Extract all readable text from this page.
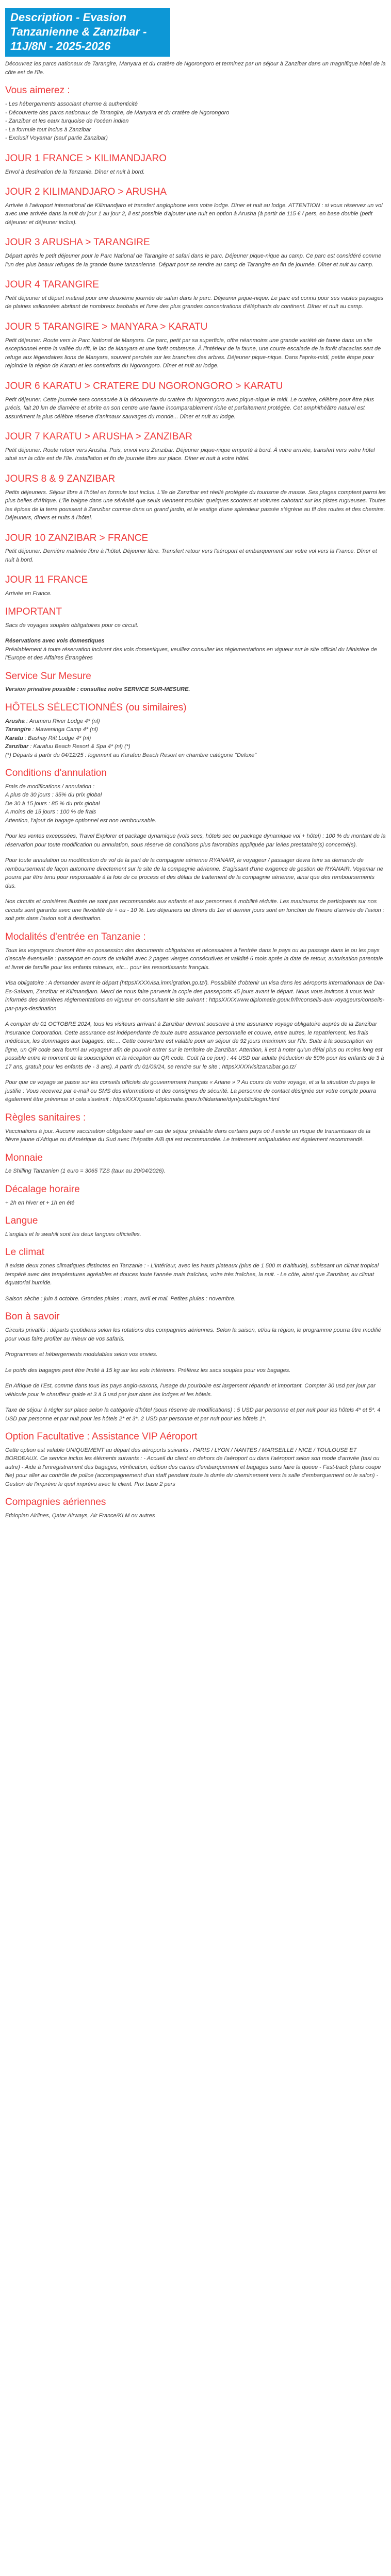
Description - Evasion Tanzanienne & Zanzibar - 11J/8N - 2025-2026

Découvrez les parcs nationaux de Tarangire, Manyara et du cratère de Ngorongoro et terminez par un séjour à Zanzibar dans un magnifique hôtel de la côte est de l'île.

Vous aimerez :

- Les hébergements associant charme & authenticité

- Découverte des parcs nationaux de Tarangire, de Manyara et du cratère de Ngorongoro

- Zanzibar et les eaux turquoise de l'océan indien

- La formule tout inclus à Zanzibar

- Exclusif Voyamar (sauf partie Zanzibar)

JOUR 1 FRANCE > KILIMANDJARO

Envol à destination de la Tanzanie. Dîner et nuit à bord.

JOUR 2 KILIMANDJARO > ARUSHA

Arrivée à l'aéroport international de Kilimandjaro et transfert anglophone vers votre lodge. Dîner et nuit au lodge. ATTENTION : si vous réservez un vol avec une arrivée dans la nuit du jour 1 au jour 2, il est possible d'ajouter une nuit en option à Arusha (à partir de 115 € / pers, en base double (petit déjeuner et déjeuner inclus).

JOUR 3 ARUSHA > TARANGIRE

Départ après le petit déjeuner pour le Parc National de Tarangire et safari dans le parc. Déjeuner pique-nique au camp. Ce parc est considéré comme l'un des plus beaux refuges de la grande faune tanzanienne. Départ pour se rendre au camp de Tarangire en fin de journée. Dîner et nuit au camp.

JOUR 4 TARANGIRE

Petit déjeuner et départ matinal pour une deuxième journée de safari dans le parc. Déjeuner pique-nique. Le parc est connu pour ses vastes paysages de plaines vallonnées abritant de nombreux baobabs et l'une des plus grandes concentrations d'éléphants du continent. Dîner et nuit au camp.

JOUR 5 TARANGIRE > MANYARA > KARATU

Petit déjeuner. Route vers le Parc National de Manyara. Ce parc, petit par sa superficie, offre néanmoins une grande variété de faune dans un site exceptionnel entre la vallée du rift, le lac de Manyara et une forêt ombreuse. À l'intérieur de la faune, une courte escalade de la forêt d'acacias sert de refuge aux légendaires lions de Manyara, souvent perchés sur les branches des arbres. Déjeuner pique-nique. Dans l'après-midi, petite étape pour rejoindre la région de Karatu et les contreforts du Ngorongoro. Dîner et nuit au lodge.

JOUR 6 KARATU > CRATERE DU NGORONGORO > KARATU

Petit déjeuner. Cette journée sera consacrée à la découverte du cratère du Ngorongoro avec pique-nique le midi. Le cratère, célèbre pour être plus précis, fait 20 km de diamètre et abrite en son centre une faune incomparablement riche et parfaitement protégée. Cet amphithéâtre naturel est assurément la plus célèbre réserve d'animaux sauvages du monde... Dîner et nuit au lodge.

JOUR 7 KARATU > ARUSHA > ZANZIBAR

Petit déjeuner. Route retour vers Arusha. Puis, envol vers Zanzibar. Déjeuner pique-nique emporté à bord. À votre arrivée, transfert vers votre hôtel situé sur la côte est de l'île. Installation et fin de journée libre sur place. Dîner et nuit à votre hôtel.

JOURS 8 & 9 ZANZIBAR

Petits déjeuners. Séjour libre à l'hôtel en formule tout inclus. L'île de Zanzibar est réellé protégée du tourisme de masse. Ses plages comptent parmi les plus belles d'Afrique. L'île baigne dans une sérénité que seuls viennent troubler quelques scooters et voitures cahotant sur les pistes rugueuses. Toutes les épices de la terre poussent à Zanzibar comme dans un grand jardin, et le vestige d'une splendeur passée s'égrène au fil des routes et des chemins. Déjeuners, dîners et nuits à l'hôtel.

JOUR 10 ZANZIBAR > FRANCE

Petit déjeuner. Dernière matinée libre à l'hôtel. Déjeuner libre. Transfert retour vers l'aéroport et embarquement sur votre vol vers la France. Dîner et nuit à bord.

JOUR 11 FRANCE

Arrivée en France.

IMPORTANT

Sacs de voyages souples obligatoires pour ce circuit.

Réservations avec vols domestiques

Préalablement à toute réservation incluant des vols domestiques, veuillez consulter les réglementations en vigueur sur le site officiel du Ministère de l'Europe et des Affaires Étrangères

Service Sur Mesure

Version privative possible : consultez notre SERVICE SUR-MESURE.

HÔTELS SÉLECTIONNÉS (ou similaires)

Arusha : Arumeru River Lodge 4* (nl)

Tarangire : Maweninga Camp 4* (nl)

Karatu : Bashay Rift Lodge 4* (nl)

Zanzibar : Karafuu Beach Resort & Spa 4* (nl) (*)

(*) Départs à partir du 04/12/25 : logement au Karafuu Beach Resort en chambre catégorie "Deluxe"

Conditions d'annulation

Frais de modifications / annulation :

A plus de 30 jours : 35% du prix global

De 30 à 15 jours : 85 % du prix global

A moins de 15 jours : 100 % de frais

Attention, l'ajout de bagage optionnel est non remboursable.

Pour les ventes excepssées, Travel Explorer et package dynamique (vols secs, hôtels sec ou package dynamique vol + hôtel) : 100 % du montant de la réservation pour toute modification ou annulation, sous réserve de conditions plus favorables appliquée par le/les prestataire(s) concerné(s).

Pour toute annulation ou modification de vol de la part de la compagnie aérienne RYANAIR, le voyageur / passager devra faire sa demande de remboursement de façon autonome directement sur le site de la compagnie aérienne. S'agissant d'une exigence de gestion de RYANAIR, Voyamar ne pourra par être tenu pour responsable à la fois de ce process et des délais de traitement de la compagnie aérienne, ainsi que des remboursements dus.

Nos circuits et croisières illustrés ne sont pas recommandés aux enfants et aux personnes à mobilité réduite. Les maximums de participants sur nos circuits sont garantis avec une flexibilité de + ou - 10 %. Les déjeuners ou dîners du 1er et dernier jours sont en fonction de l'heure d'arrivée de l'avion : soit pris dans l'avion soit à destination.

Modalités d'entrée en Tanzanie :

Tous les voyageurs devront être en possession des documents obligatoires et nécessaires à l'entrée dans le pays ou au passage dans le ou les pays d'escale éventuelle : passeport en cours de validité avec 2 pages vierges consécutives et validité 6 mois après la date de retour, autorisation parentale et livret de famille pour les enfants mineurs, etc... pour les ressortissants français.

Visa obligatoire : A demander avant le départ (httpsXXXXvisa.immigration.go.tz/). Possibilité d'obtenir un visa dans les aéroports internationaux de Dar-Es-Salaam, Zanzibar et Kilimandjaro. Merci de nous faire parvenir la copie des passeports 45 jours avant le départ. Nous vous invitons à vous tenir informés des dernières réglementations en vigueur en consultant le site suivant : httpsXXXXwww.diplomatie.gouv.fr/fr/conseils-aux-voyageurs/conseils-par-pays-destination

A compter du 01 OCTOBRE 2024, tous les visiteurs arrivant à Zanzibar devront souscrire à une assurance voyage obligatoire auprès de la Zanzibar Insurance Corporation. Cette assurance est indépendante de toute autre assurance personnelle et couvre, entre autres, le rapatriement, les frais médicaux, les dommages aux bagages, etc.... Cette couverture est valable pour un séjour de 92 jours maximum sur l'île. Suite à la souscription en ligne, un QR code sera fourni au voyageur afin de pouvoir entrer sur le territoire de Zanzibar. Attention, il est à noter qu'un délai plus ou moins long est possible entre le moment de la souscription et la réception du QR code. Coût (à ce jour) : 44 USD par adulte (réduction de 50% pour les enfants de 3 à 17 ans, gratuit pour les enfants de - 3 ans). A partir du 01/09/24, se rendre sur le site : httpsXXXXvisitzanzibar.go.tz/

Pour que ce voyage se passe sur les conseils officiels du gouvernement français « Ariane » ? Au cours de votre voyage, et si la situation du pays le justifie : Vous recevrez par e-mail ou SMS des informations et des consignes de sécurité. La personne de contact désignée sur votre compte pourra également être prévenue si cela s'avérait : httpsXXXXpastel.diplomatie.gouv.fr/fildariane/dyn/public/login.html

Règles sanitaires :

Vaccinations à jour. Aucune vaccination obligatoire sauf en cas de séjour préalable dans certains pays où il existe un risque de transmission de la fièvre jaune d'Afrique ou d'Amérique du Sud avec l'hépatite A/B qui est recommandée. Le traitement antipaludéen est également recommandé.

Monnaie

Le Shilling Tanzanien (1 euro = 3065 TZS (taux au 20/04/2026).

Décalage horaire

+ 2h en hiver et + 1h en été

Langue

L'anglais et le swahili sont les deux langues officielles.

Le climat

Il existe deux zones climatiques distinctes en Tanzanie : - L'intérieur, avec les hauts plateaux (plus de 1 500 m d'altitude), subissant un climat tropical tempéré avec des températures agréables et douces toute l'année mais fraîches, voire très fraîches, la nuit. - Le côte, ainsi que Zanzibar, au climat équatorial humide.

Saison sèche : juin à octobre. Grandes pluies : mars, avril et mai. Petites pluies : novembre.

Bon à savoir

Circuits privatifs : départs quotidiens selon les rotations des compagnies aériennes. Selon la saison, et/ou la région, le programme pourra être modifié pour vous faire profiter au mieux de vos safaris.

Programmes et hébergements modulables selon vos envies.

Le poids des bagages peut être limité à 15 kg sur les vols intérieurs. Préférez les sacs souples pour vos bagages.

En Afrique de l'Est, comme dans tous les pays anglo-saxons, l'usage du pourboire est largement répandu et important. Compter 30 usd par jour par véhicule pour le chauffeur guide et 3 à 5 usd par jour dans les lodges et les hôtels.

Taxe de séjour à régler sur place selon la catégorie d'hôtel (sous réserve de modifications) : 5 USD par personne et par nuit pour les hôtels 4* et 5*. 4 USD par personne et par nuit pour les hôtels 2* et 3*. 2 USD par personne et par nuit pour les hôtels 1*.

Option Facultative : Assistance VIP Aéroport

Cette option est valable UNIQUEMENT au départ des aéroports suivants : PARIS / LYON / NANTES / MARSEILLE / NICE / TOULOUSE ET BORDEAUX. Ce service inclus les éléments suivants : - Accueil du client en dehors de l'aéroport ou dans l'aéroport selon son mode d'arrivée (taxi ou autre) - Aide à l'enregistrement des bagages, vérification, édition des cartes d'embarquement et bagages sans faire la queue - Fast-track (dans coupe file) pour aller au contrôle de police (accompagnement d'un staff pendant toute la durée du cheminement vers la salle d'embarquement ou le salon) - Gestion de l'imprévu le quel imprévu avec le client. Prix base 2 pers

Compagnies aériennes

Ethiopian Airlines, Qatar Airways, Air France/KLM ou autres
